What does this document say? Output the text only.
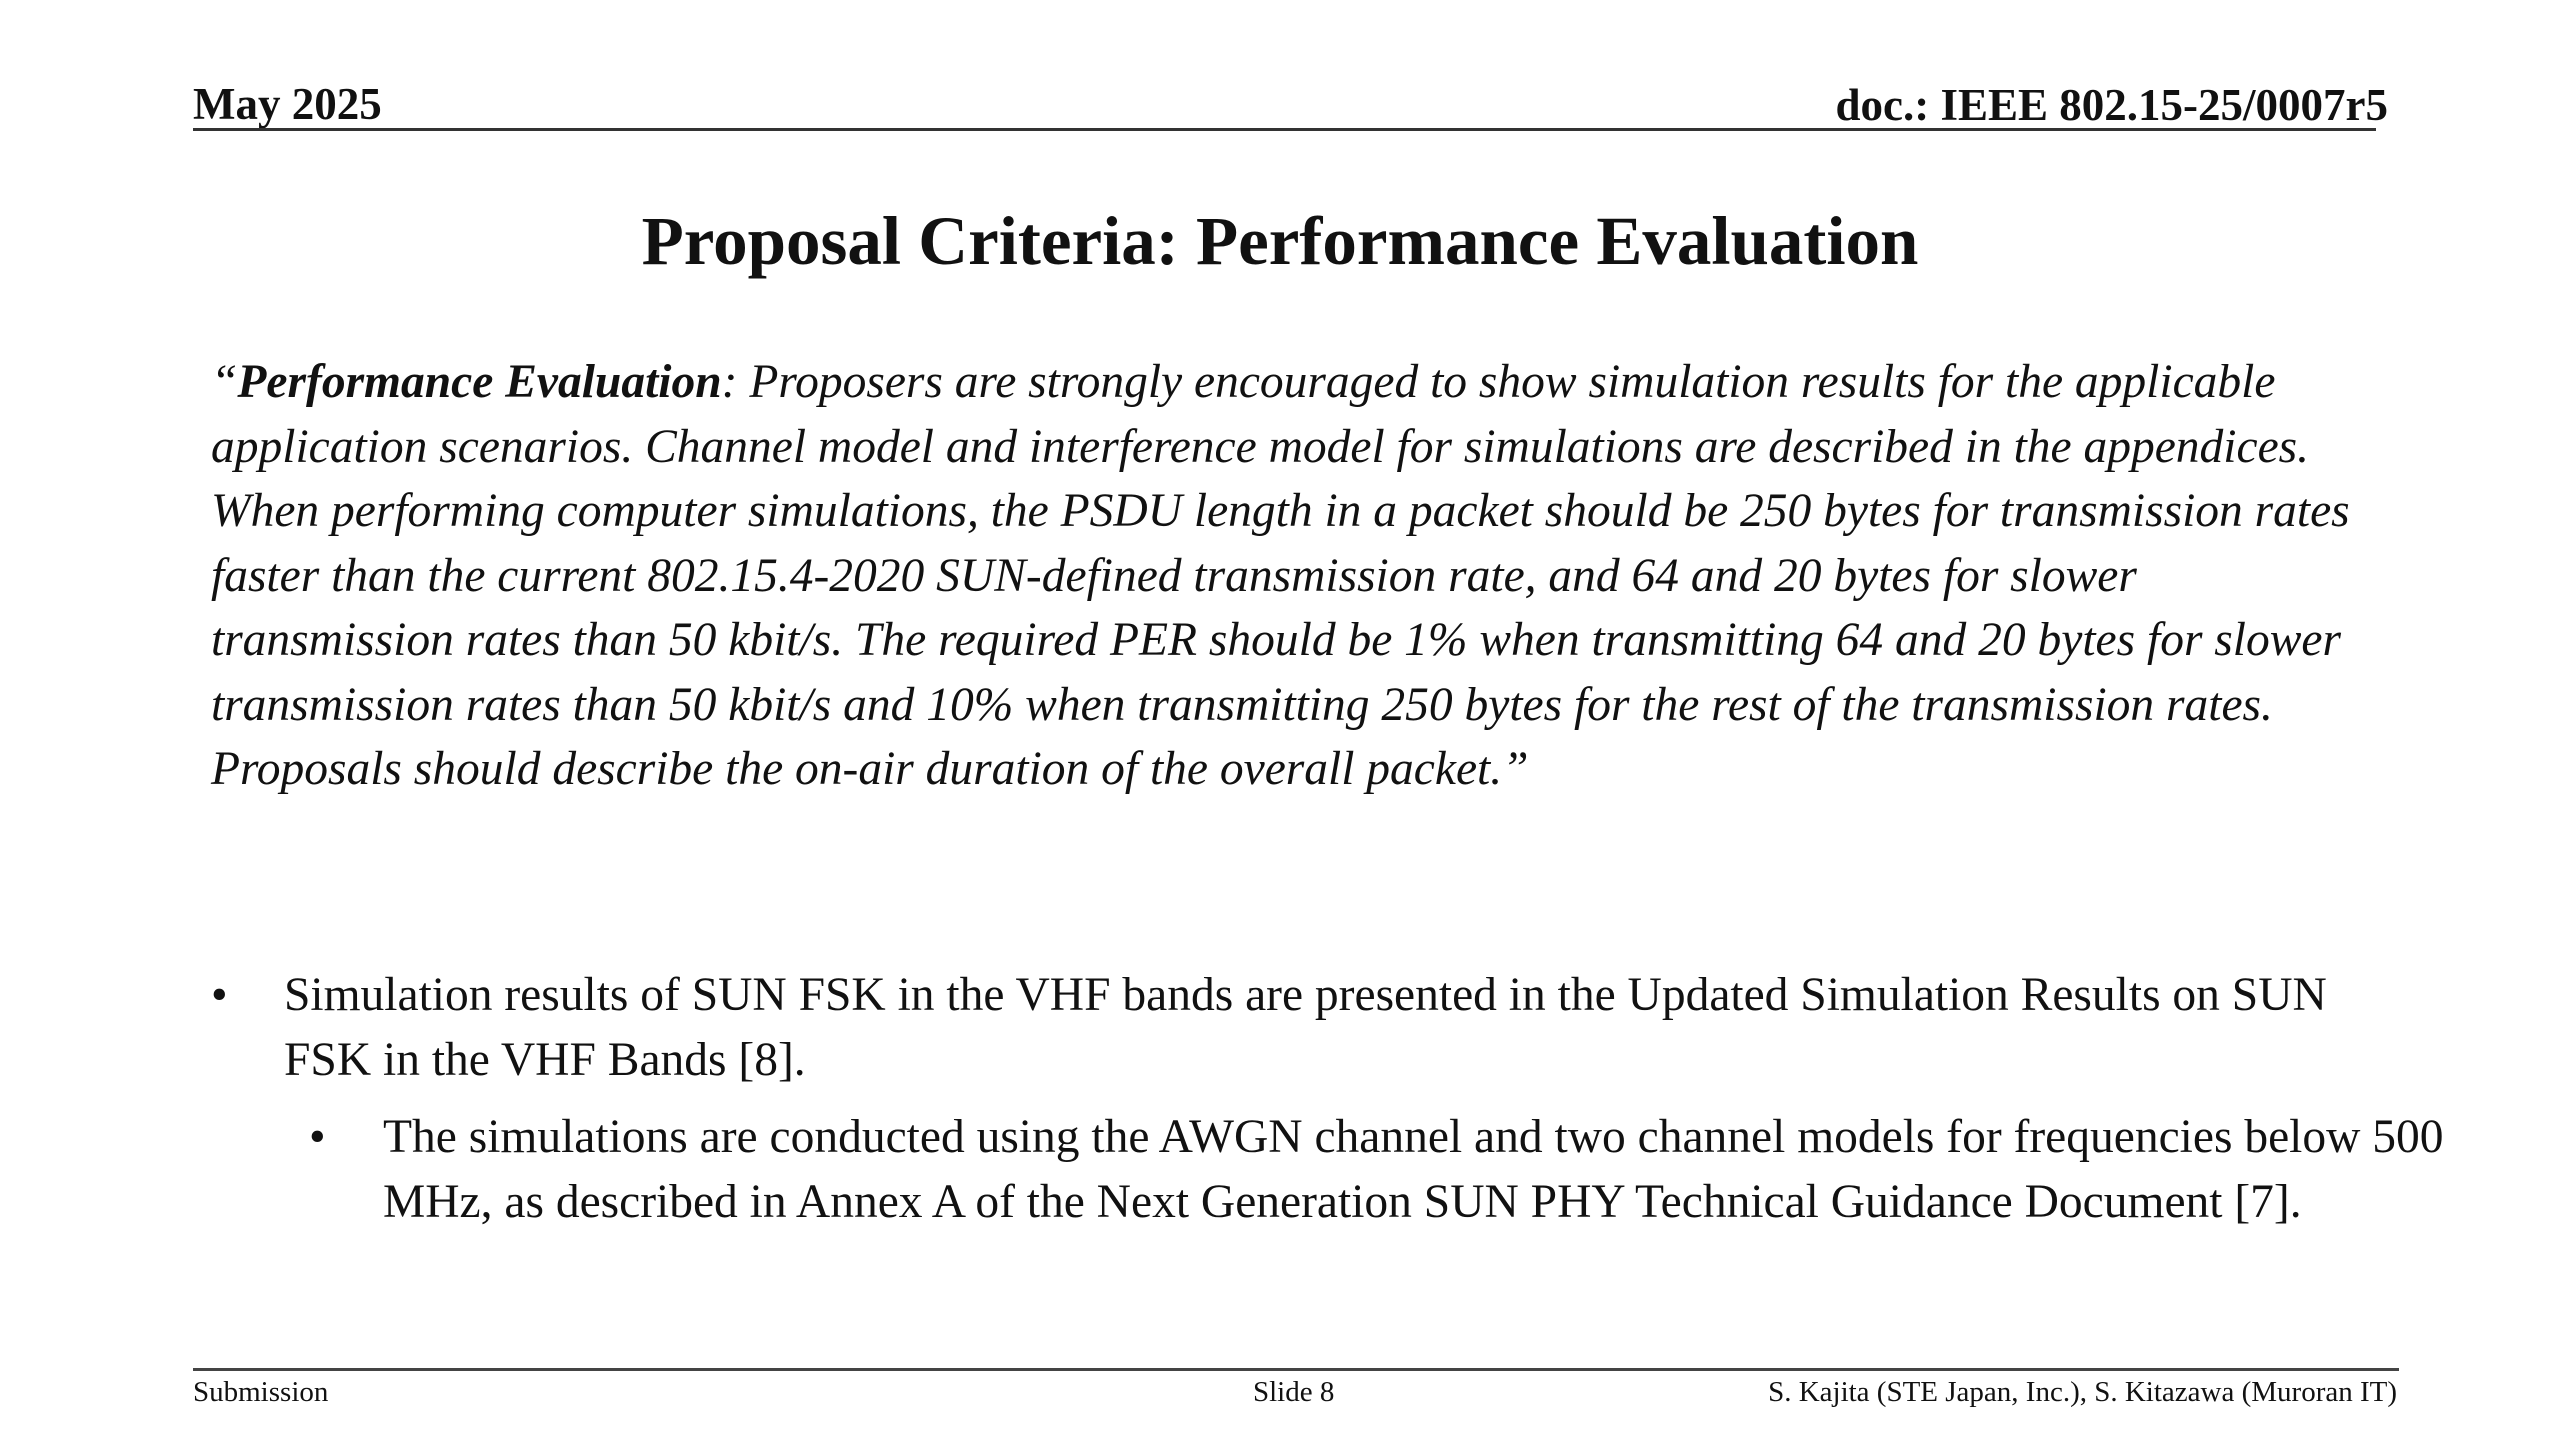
May 2025	doc.: IEEE 802.15-25/0007r5
Proposal Criteria: Performance Evaluation

“Performance Evaluation: Proposers are strongly encouraged to show simulation results for the applicable application scenarios. Channel model and interference model for simulations are described in the appendices. When performing computer simulations, the PSDU length in a packet should be 250 bytes for transmission rates faster than the current 802.15.4-2020 SUN-defined transmission rate, and 64 and 20 bytes for slower transmission rates than 50 kbit/s. The required PER should be 1% when transmitting 64 and 20 bytes for slower transmission rates than 50 kbit/s and 10% when transmitting 250 bytes for the rest of the transmission rates. Proposals should describe the on-air duration of the overall packet.”

• Simulation results of SUN FSK in the VHF bands are presented in the Updated Simulation Results on SUN FSK in the VHF Bands [8].
• The simulations are conducted using the AWGN channel and two channel models for frequencies below 500 MHz, as described in Annex A of the Next Generation SUN PHY Technical Guidance Document [7].
Submission	Slide 8	S. Kajita (STE Japan, Inc.), S. Kitazawa (Muroran IT)
